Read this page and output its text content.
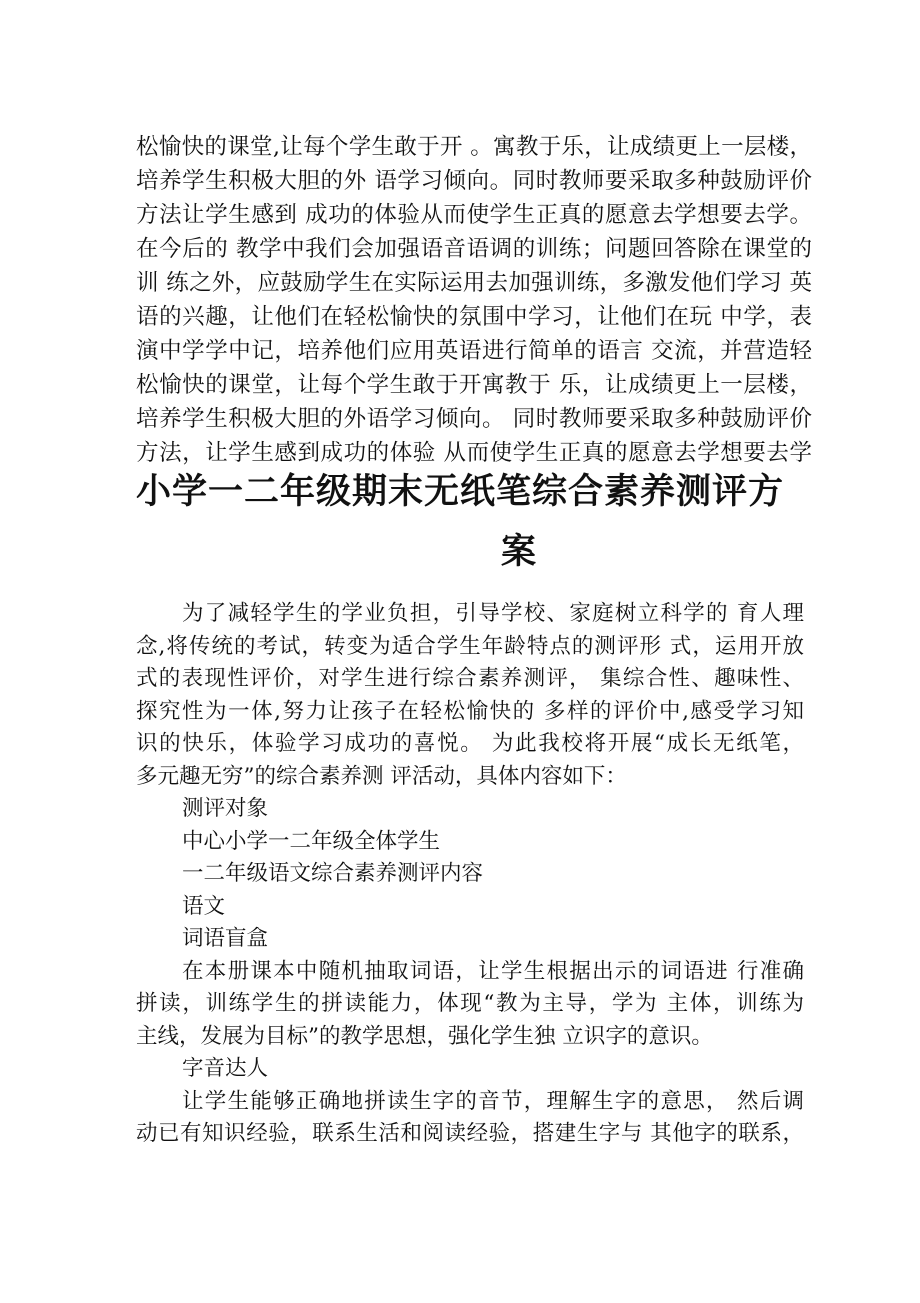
松愉快的课堂,让每个学生敢于开 。寓教于乐，让成绩更上一层楼，
培养学生积极大胆的外 语学习倾向。同时教师要采取多种鼓励评价
方法让学生感到 成功的体验从而使学生正真的愿意去学想要去学。
在今后的 教学中我们会加强语音语调的训练；问题回答除在课堂的
训 练之外，应鼓励学生在实际运用去加强训练，多激发他们学习 英
语的兴趣，让他们在轻松愉快的氛围中学习，让他们在玩 中学，表
演中学学中记，培养他们应用英语进行简单的语言 交流，并营造轻
松愉快的课堂，让每个学生敢于开寓教于 乐，让成绩更上一层楼，
培养学生积极大胆的外语学习倾向。 同时教师要采取多种鼓励评价
方法，让学生感到成功的体验 从而使学生正真的愿意去学想要去学
小学一二年级期末无纸笔综合素养测评方
案
为了减轻学生的学业负担，引导学校、家庭树立科学的 育人理
念,将传统的考试，转变为适合学生年龄特点的测评形 式，运用开放
式的表现性评价，对学生进行综合素养测评， 集综合性、趣味性、
探究性为一体,努力让孩子在轻松愉快的 多样的评价中,感受学习知
识的快乐，体验学习成功的喜悦。 为此我校将开展“成长无纸笔，
多元趣无穷”的综合素养测 评活动，具体内容如下：
测评对象
中心小学一二年级全体学生
一二年级语文综合素养测评内容
语文
词语盲盒
在本册课本中随机抽取词语，让学生根据出示的词语进 行准确
拼读，训练学生的拼读能力，体现“教为主导，学为 主体，训练为
主线，发展为目标”的教学思想，强化学生独 立识字的意识。
字音达人
让学生能够正确地拼读生字的音节，理解生字的意思， 然后调
动已有知识经验，联系生活和阅读经验，搭建生字与 其他字的联系，
